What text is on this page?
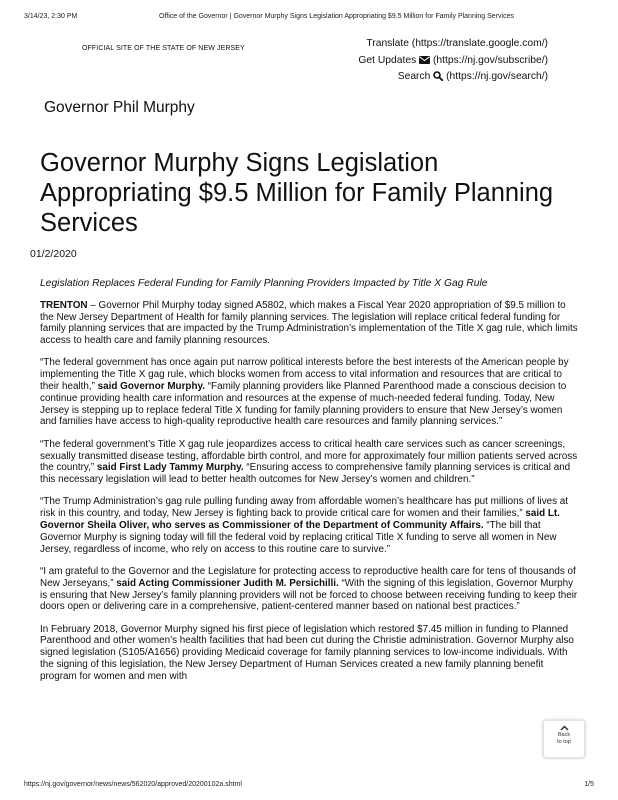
3/14/23, 2:30 PM	Office of the Governor | Governor Murphy Signs Legislation Appropriating $9.5 Million for Family Planning Services
OFFICIAL SITE OF THE STATE OF NEW JERSEY	Translate (https://translate.google.com/)
Get Updates (https://nj.gov/subscribe/)
Search (https://nj.gov/search/)
Governor Phil Murphy
Governor Murphy Signs Legislation Appropriating $9.5 Million for Family Planning Services
01/2/2020

Legislation Replaces Federal Funding for Family Planning Providers Impacted by Title X Gag Rule

TRENTON – Governor Phil Murphy today signed A5802, which makes a Fiscal Year 2020 appropriation of $9.5 million to the New Jersey Department of Health for family planning services. The legislation will replace critical federal funding for family planning services that are impacted by the Trump Administration’s implementation of the Title X gag rule, which limits access to health care and family planning resources.

“The federal government has once again put narrow political interests before the best interests of the American people by implementing the Title X gag rule, which blocks women from access to vital information and resources that are critical to their health,” said Governor Murphy. “Family planning providers like Planned Parenthood made a conscious decision to continue providing health care information and resources at the expense of much-needed federal funding. Today, New Jersey is stepping up to replace federal Title X funding for family planning providers to ensure that New Jersey’s women and families have access to high-quality reproductive health care resources and family planning services.”

“The federal government’s Title X gag rule jeopardizes access to critical health care services such as cancer screenings, sexually transmitted disease testing, affordable birth control, and more for approximately four million patients served across the country,” said First Lady Tammy Murphy. “Ensuring access to comprehensive family planning services is critical and this necessary legislation will lead to better health outcomes for New Jersey’s women and children.”

“The Trump Administration’s gag rule pulling funding away from affordable women’s healthcare has put millions of lives at risk in this country, and today, New Jersey is fighting back to provide critical care for women and their families,” said Lt. Governor Sheila Oliver, who serves as Commissioner of the Department of Community Affairs. “The bill that Governor Murphy is signing today will fill the federal void by replacing critical Title X funding to serve all women in New Jersey, regardless of income, who rely on access to this routine care to survive.”

“I am grateful to the Governor and the Legislature for protecting access to reproductive health care for tens of thousands of New Jerseyans,” said Acting Commissioner Judith M. Persichilli. “With the signing of this legislation, Governor Murphy is ensuring that New Jersey’s family planning providers will not be forced to choose between receiving funding to keep their doors open or delivering care in a comprehensive, patient-centered manner based on national best practices.”

In February 2018, Governor Murphy signed his first piece of legislation which restored $7.45 million in funding to Planned Parenthood and other women’s health facilities that had been cut during the Christie administration. Governor Murphy also signed legislation (S105/A1656) providing Medicaid coverage for family planning services to low-income individuals. With the signing of this legislation, the New Jersey Department of Human Services created a new family planning benefit program for women and men with

Back
to top
https://nj.gov/governor/news/news/562020/approved/20200102a.shtml	1/5
